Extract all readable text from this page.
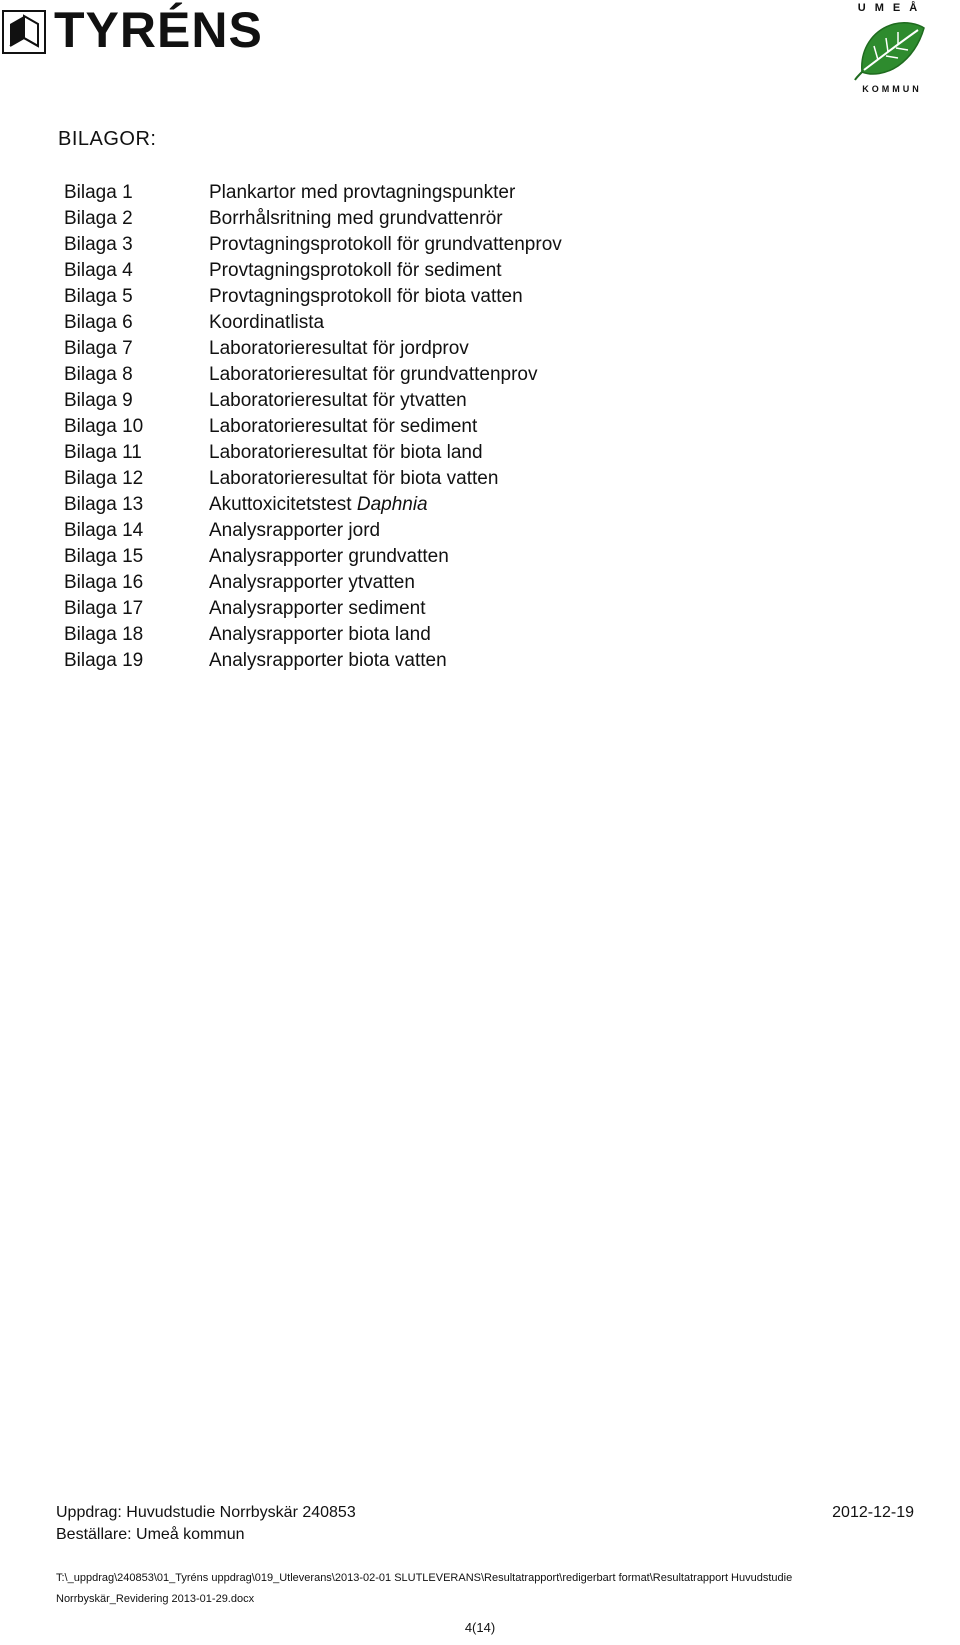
TYRÉNS	UMEÅ
KOMMUN
BILAGOR:
Bilaga 1	Plankartor med provtagningspunkter
Bilaga 2	Borrhålsritning med grundvattenrör
Bilaga 3	Provtagningsprotokoll för grundvattenprov
Bilaga 4	Provtagningsprotokoll för sediment
Bilaga 5	Provtagningsprotokoll för biota vatten
Bilaga 6	Koordinatlista
Bilaga 7	Laboratorieresultat för jordprov
Bilaga 8	Laboratorieresultat för grundvattenprov
Bilaga 9	Laboratorieresultat för ytvatten
Bilaga 10	Laboratorieresultat för sediment
Bilaga 11	Laboratorieresultat för biota land
Bilaga 12	Laboratorieresultat för biota vatten
Bilaga 13	Akuttoxicitetstest Daphnia
Bilaga 14	Analysrapporter jord
Bilaga 15	Analysrapporter grundvatten
Bilaga 16	Analysrapporter ytvatten
Bilaga 17	Analysrapporter sediment
Bilaga 18	Analysrapporter biota land
Bilaga 19	Analysrapporter biota vatten
Uppdrag: Huvudstudie Norrbyskär 240853	2012-12-19
Beställare: Umeå kommun
T:\_uppdrag\240853\01_Tyréns uppdrag\019_Utleverans\2013-02-01 SLUTLEVERANS\Resultatrapport\redigerbart format\Resultatrapport Huvudstudie Norrbyskär_Revidering 2013-01-29.docx
4(14)
